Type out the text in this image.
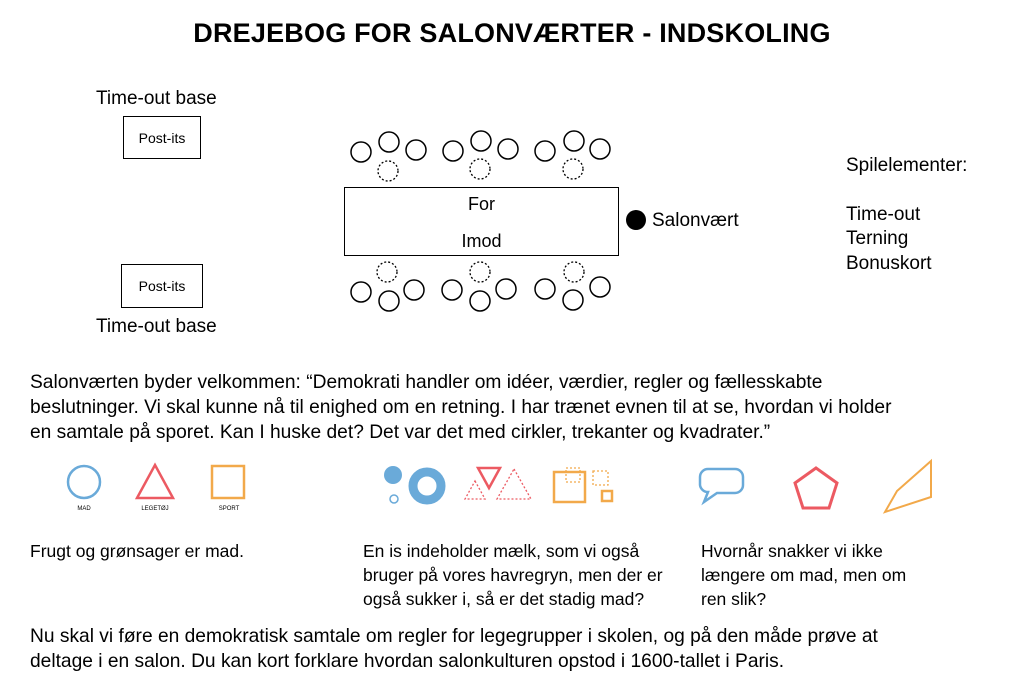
DREJEBOG FOR SALONVÆRTER - INDSKOLING
Time-out base
Post-its
Post-its
Time-out base
For
Imod
Salonvært
Spilelementer:
Time-out
Terning
Bonuskort
Salonværten byder velkommen: “Demokrati handler om idéer, værdier, regler og fællesskabte beslutninger. Vi skal kunne nå til enighed om en retning. I har trænet evnen til at se, hvordan vi holder en samtale på sporet. Kan I huske det? Det var det med cirkler, trekanter og kvadrater.”
MAD	LEGETØJ	SPORT
Frugt og grønsager er mad.	En is indeholder mælk, som vi også bruger på vores havregryn, men der er også sukker i, så er det stadig mad?
Hvornår snakker vi ikke længere om mad, men om ren slik?
Nu skal vi føre en demokratisk samtale om regler for legegrupper i skolen, og på den måde prøve at deltage i en salon. Du kan kort forklare hvordan salonkulturen opstod i 1600-tallet i Paris.
